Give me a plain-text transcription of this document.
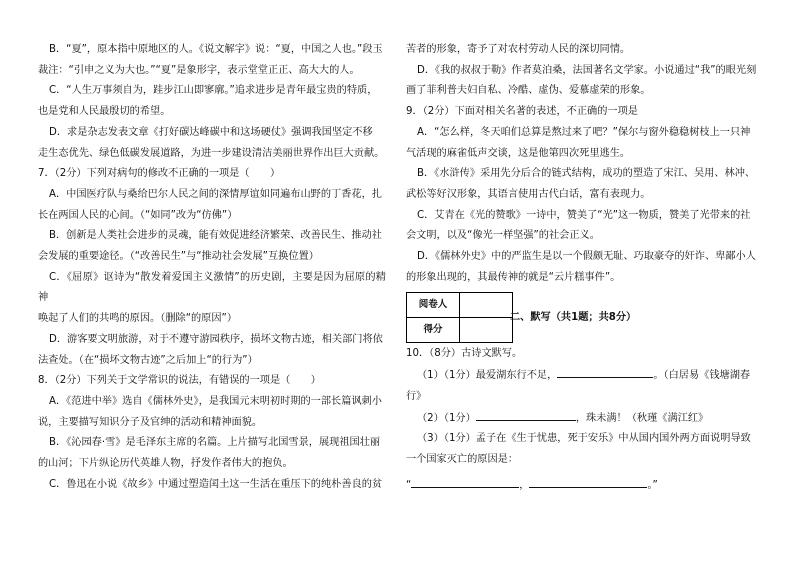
B．“夏”，原本指中原地区的人。《说文解字》说：“夏，中国之人也。”段玉

裁注：“引申之义为大也。”“夏”是象形字，表示堂堂正正、高大大的人。

C．“人生万事须自为，跬步江山即寥廓。”追求进步是青年最宝贵的特质，

也是党和人民最殷切的希望。

D．求是杂志发表文章《打好碳达峰碳中和这场硬仗》强调我国坚定不移

走生态优先、绿色低碳发展道路，为进一步建设清洁美丽世界作出巨大贡献。

7．（2分）下列对病句的修改不正确的一项是（　　）

A．中国医疗队与桑给巴尔人民之间的深情厚谊如同遍布山野的丁香花，扎

长在两国人民的心间。（“如同”改为“仿佛”）

B．创新是人类社会进步的灵魂，能有效促进经济繁荣、改善民生、推动社

会发展的重要途径。（“改善民生”与“推动社会发展”互换位置）

C．《屈原》讴诗为“散发着爱国主义激情”的历史剧，主要是因为屈原的精神

唤起了人们的共鸣的原因。（删除“的原因”）

D．游客要文明旅游，对于不遵守游园秩序，损坏文物古迹，相关部门将依

法查处。（在“损坏文物古迹”之后加上“的行为”）

8．（2分）下列关于文学常识的说法，有错误的一项是（　　）

A．《范进中举》选自《儒林外史》，是我国元末明初时期的一部长篇讽刺小

说，主要描写知识分子及官绅的活动和精神面貌。

B．《沁园春·雪》是毛泽东主席的名篇。上片描写北国雪景，展现祖国壮丽

的山河；下片纵论历代英雄人物，抒发作者伟大的抱负。

C．鲁迅在小说《故乡》中通过塑造闰土这一生活在重压下的纯朴善良的贫

苦者的形象，寄予了对农村劳动人民的深切同情。

D．《我的叔叔于勒》作者莫泊桑，法国著名文学家。小说通过“我”的眼光刻

画了菲利普夫妇自私、冷酷、虚伪、爱慕虚荣的形象。

9．（2分）下面对相关名著的表述，不正确的一项是

A．“怎么样，冬天咱们总算是熬过来了吧？”保尔与窗外稳稳树枝上一只神

气活现的麻雀低声交谈，这是他第四次死里逃生。

B．《水浒传》采用先分后合的链式结构，成功的塑造了宋江、吴用、林冲、

武松等好汉形象，其语言使用古代白话，富有表现力。

C．艾青在《光的赞歌》一诗中，赞美了“光”这一物质，赞美了光带来的社

会文明，以及“像光一样坚强”的社会正义。

D．《儒林外史》中的严监生是以一个假颇无耻、巧取豪夺的奸诈、卑鄙小人

的形象出现的，其最传神的就是“云片糕事件”。

阅卷人	
得分	
二、默写（共1题；共8分）

10．（8分）古诗文默写。

（1）（1分）最爱湖东行不足，	。（白居易《钱塘湖春

行》

（2）（1分）	，珠未满！（秋瑾《满江红》

（3）（1分）孟子在《生于忧患，死于安乐》中从国内国外两方面说明导致

一个国家灭亡的原因是：

“	，	。”
